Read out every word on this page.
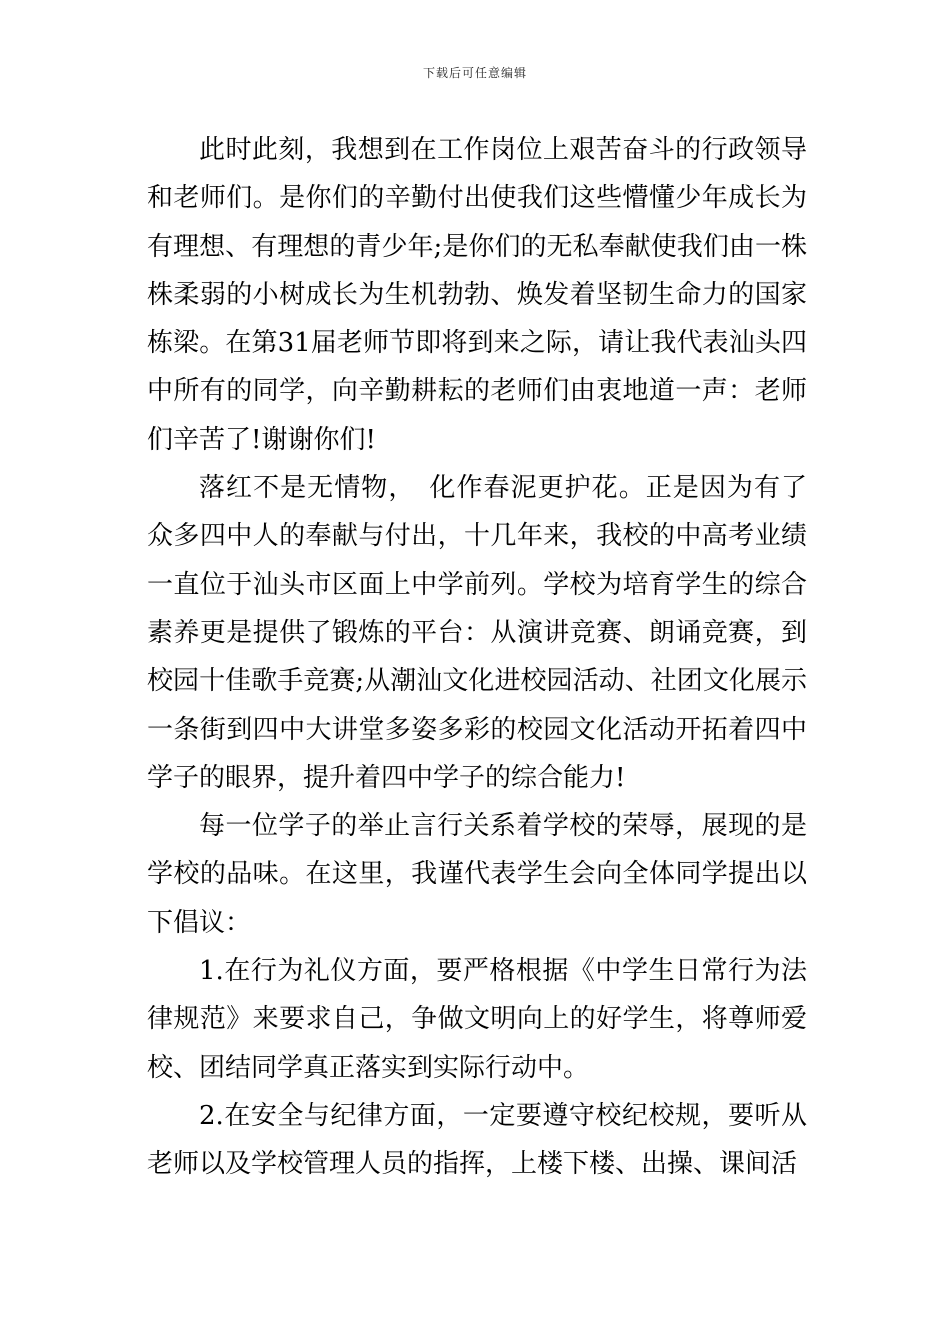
下载后可任意编辑

此时此刻，我想到在工作岗位上艰苦奋斗的行政领导和老师们。是你们的辛勤付出使我们这些懵懂少年成长为有理想、有理想的青少年;是你们的无私奉献使我们由一株株柔弱的小树成长为生机勃勃、焕发着坚韧生命力的国家栋梁。在第31届老师节即将到来之际，请让我代表汕头四中所有的同学，向辛勤耕耘的老师们由衷地道一声：老师们辛苦了!谢谢你们!

落红不是无情物，　化作春泥更护花。正是因为有了众多四中人的奉献与付出，十几年来，我校的中高考业绩一直位于汕头市区面上中学前列。学校为培育学生的综合素养更是提供了锻炼的平台：从演讲竞赛、朗诵竞赛，到校园十佳歌手竞赛;从潮汕文化进校园活动、社团文化展示一条街到四中大讲堂多姿多彩的校园文化活动开拓着四中学子的眼界，提升着四中学子的综合能力!

每一位学子的举止言行关系着学校的荣辱，展现的是学校的品味。在这里，我谨代表学生会向全体同学提出以下倡议：

1.在行为礼仪方面，要严格根据《中学生日常行为法律规范》来要求自己，争做文明向上的好学生，将尊师爱校、团结同学真正落实到实际行动中。

2.在安全与纪律方面，一定要遵守校纪校规，要听从老师以及学校管理人员的指挥，上楼下楼、出操、课间活
